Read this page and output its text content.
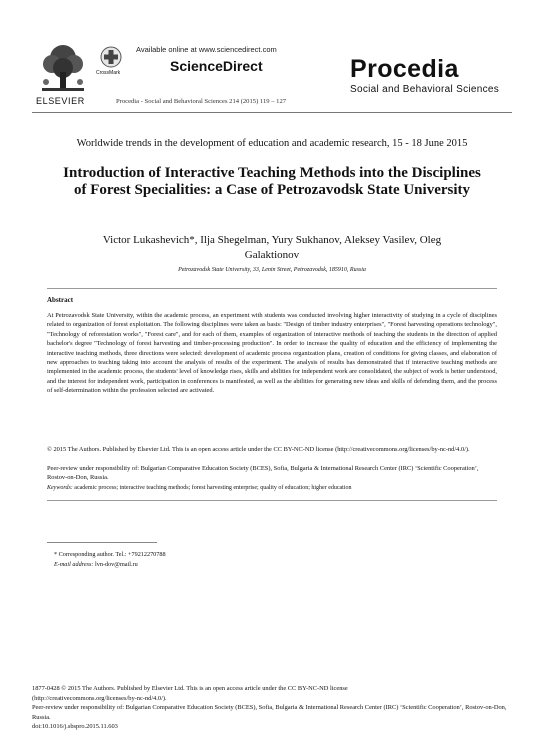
ELSEVIER
CrossMark
Available online at www.sciencedirect.com
ScienceDirect
Procedia - Social and Behavioral Sciences 214 (2015) 119 – 127
Procedia
Social and Behavioral Sciences
Worldwide trends in the development of education and academic research, 15 - 18 June 2015
Introduction of Interactive Teaching Methods into the Disciplines of Forest Specialities: a Case of Petrozavodsk State University
Victor Lukashevich*, Ilja Shegelman, Yury Sukhanov, Aleksey Vasilev, Oleg Galaktionov
Petrozavodsk State University, 33, Lenin Street, Petrozavodsk, 185910, Russia
Abstract

At Petrozavodsk State University, within the academic process, an experiment with students was conducted involving higher interactivity of studying in a cycle of disciplines related to organization of forest exploitation. The following disciplines were taken as basis: "Design of timber industry enterprises", "Forest harvesting operations technology", "Technology of reforestation works", "Forest care", and for each of them, examples of organization of interactive methods of teaching the students in the direction of applied bachelor's degree "Technology of forest harvesting and timber-processing production". In order to increase the quality of education and the efficiency of implementing the interactive teaching methods, three directions were selected: development of academic process organization plans, creation of conditions for giving classes, and elaboration of new approaches to teaching taking into account the analysis of results of the experiment. The analysis of results has demonstrated that if interactive teaching methods are implemented in the academic process, the students' level of knowledge rises, skills and abilities for independent work are consolidated, the subject of work is better understood, and the interest for independent work, participation in conferences is manifested, as well as the abilities for generating new ideas and skills of defending them, and the process of self-determination within the profession selected are activated.

© 2015 The Authors. Published by Elsevier Ltd. This is an open access article under the CC BY-NC-ND license (http://creativecommons.org/licenses/by-nc-nd/4.0/).
Peer-review under responsibility of: Bulgarian Comparative Education Society (BCES), Sofia, Bulgaria & International Research Center (IRC) ‘Scientific Cooperation’, Rostov-on-Don, Russia.
Keywords: academic process; interactive teaching methods; forest harvesting enterprise; quality of education; higher education
* Corresponding author. Tel.: +79212270788
E-mail address: lvn-dov@mail.ru
1877-0428 © 2015 The Authors. Published by Elsevier Ltd. This is an open access article under the CC BY-NC-ND license
(http://creativecommons.org/licenses/by-nc-nd/4.0/).
Peer-review under responsibility of: Bulgarian Comparative Education Society (BCES), Sofia, Bulgaria & International Research Center (IRC) ‘Scientific Cooperation’, Rostov-on-Don, Russia.
doi:10.1016/j.sbspro.2015.11.603
